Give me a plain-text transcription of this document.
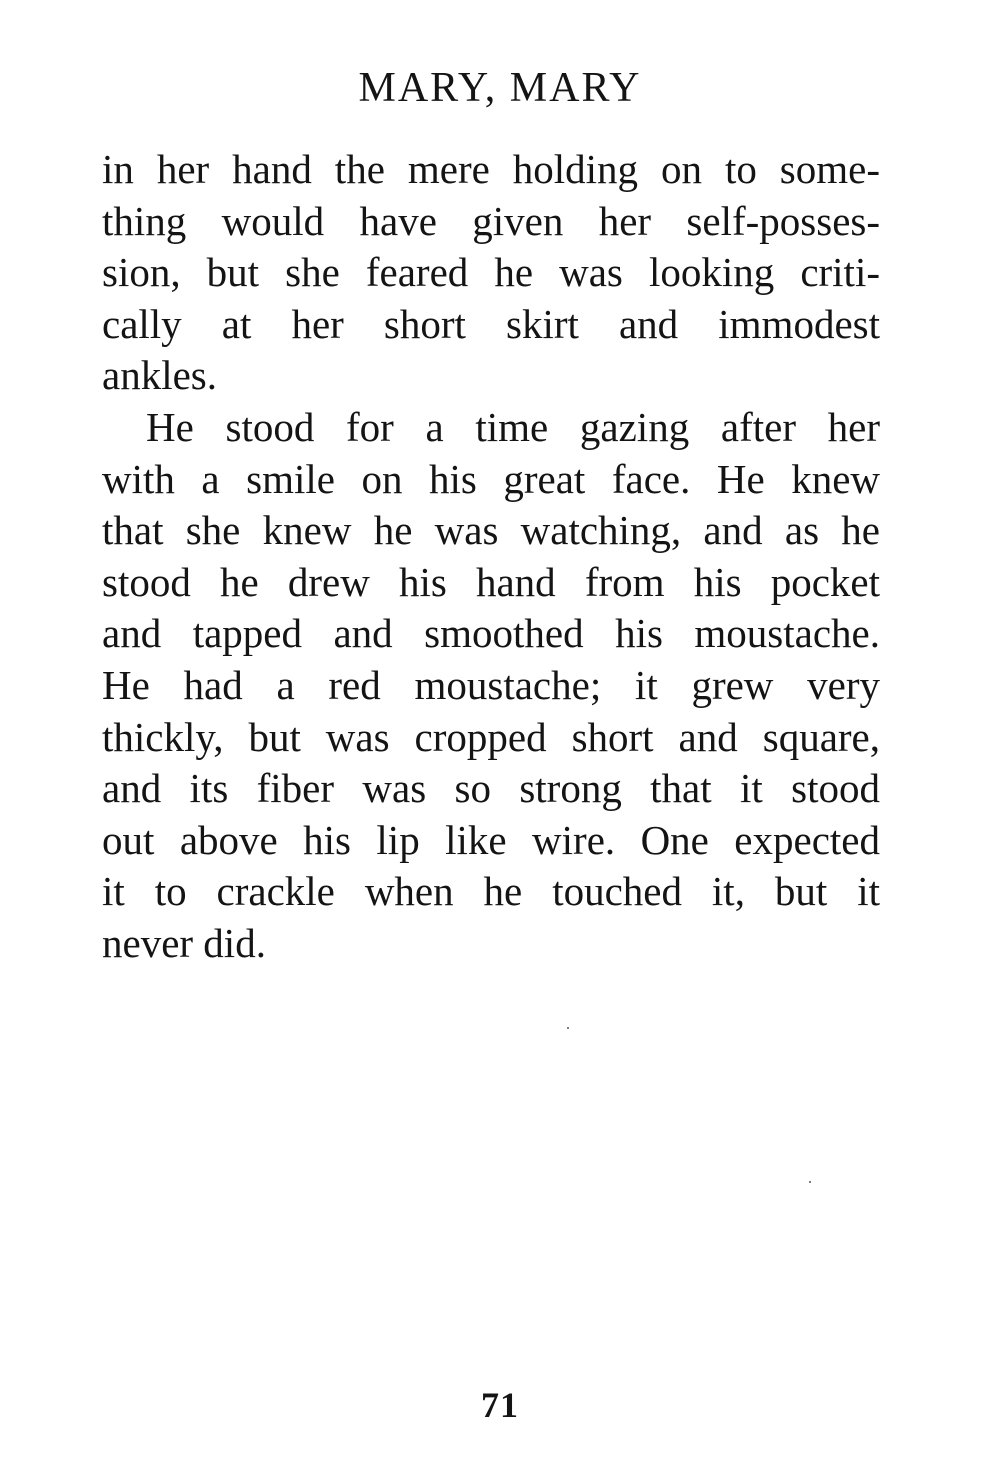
MARY, MARY
in her hand the mere holding on to some-
thing would have given her self-posses-
sion, but she feared he was looking criti-
cally at her short skirt and immodest
ankles.
He stood for a time gazing after her
with a smile on his great face. He knew
that she knew he was watching, and as he
stood he drew his hand from his pocket
and tapped and smoothed his moustache.
He had a red moustache; it grew very
thickly, but was cropped short and square,
and its fiber was so strong that it stood
out above his lip like wire. One expected
it to crackle when he touched it, but it
never did.
71
